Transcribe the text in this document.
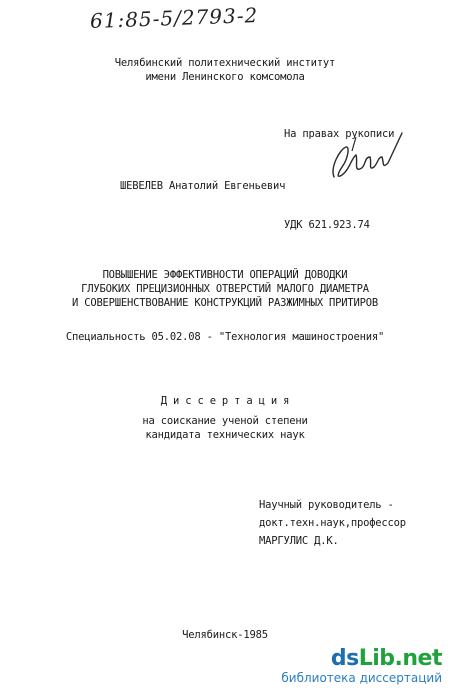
61:85-5/2793-2
Челябинский политехнический институт
имени Ленинского комсомола
На правах рукописи
ШЕВЕЛЕВ Анатолий Евгеньевич
УДК 621.923.74
ПОВЫШЕНИЕ ЭФФЕКТИВНОСТИ ОПЕРАЦИЙ ДОВОДКИ
ГЛУБОКИХ ПРЕЦИЗИОННЫХ ОТВЕРСТИЙ МАЛОГО ДИАМЕТРА
И СОВЕРШЕНСТВОВАНИЕ КОНСТРУКЦИЙ РАЗЖИМНЫХ ПРИТИРОВ
Специальность 05.02.08 - "Технология машиностроения"
Д и с с е р т а ц и я
на соискание ученой степени
кандидата технических наук
Научный руководитель -
докт.техн.наук,профессор
МАРГУЛИС Д.К.
Челябинск-1985
dsLib.net
библиотека диссертаций
